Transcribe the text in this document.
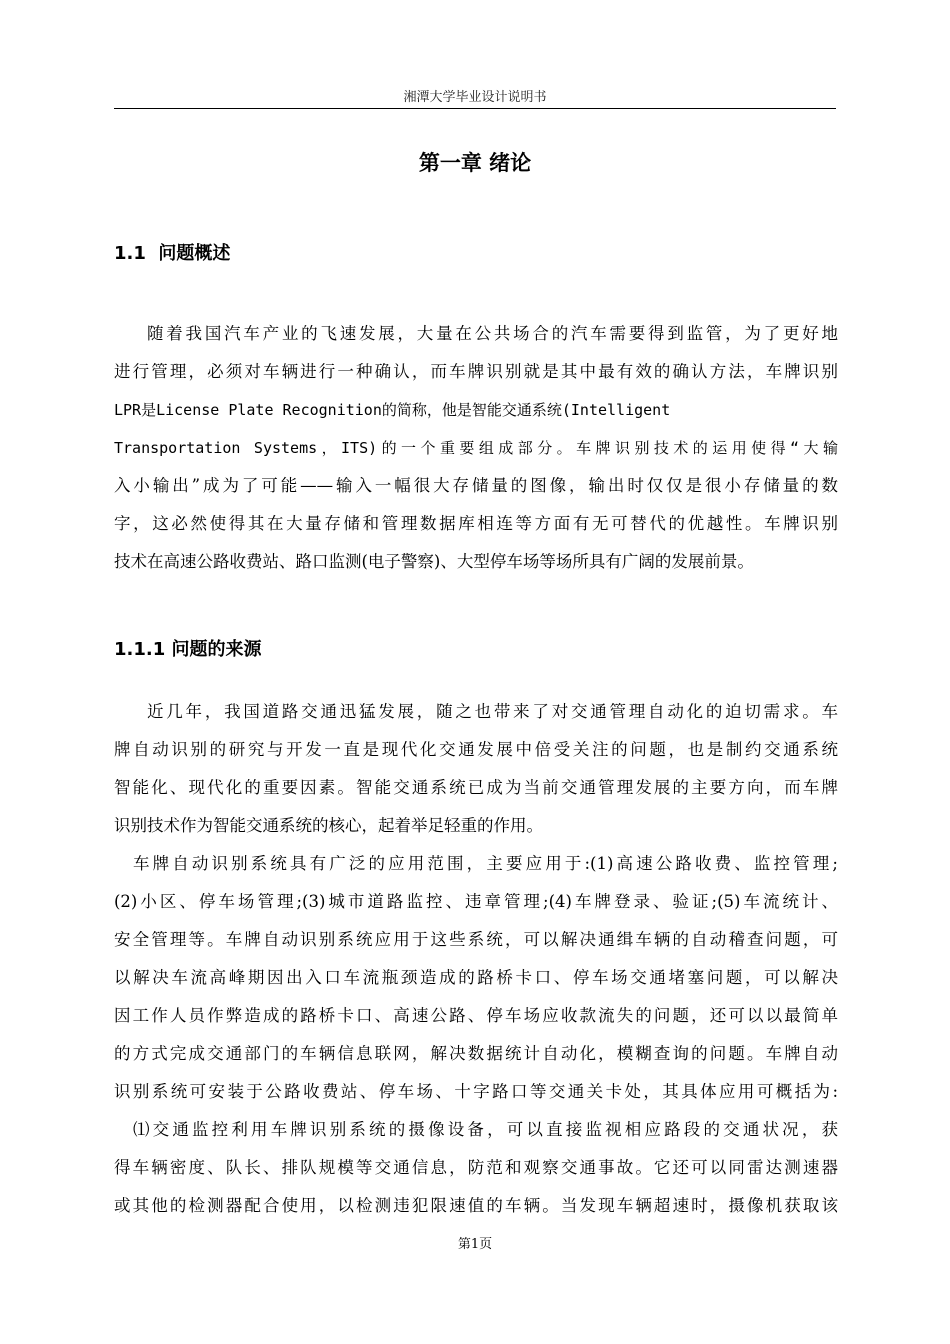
湘潭大学毕业设计说明书
第一章 绪论
1.1  问题概述
随着我国汽车产业的飞速发展，大量在公共场合的汽车需要得到监管，为了更好地
进行管理，必须对车辆进行一种确认，而车牌识别就是其中最有效的确认方法，车牌识别
LPR是License Plate Recognition的简称，他是智能交通系统(Intelligent
Transportation Systems，ITS)的一个重要组成部分。车牌识别技术的运用使得“大输
入小输出”成为了可能——输入一幅很大存储量的图像，输出时仅仅是很小存储量的数
字，这必然使得其在大量存储和管理数据库相连等方面有无可替代的优越性。车牌识别
技术在高速公路收费站、路口监测(电子警察)、大型停车场等场所具有广阔的发展前景。
1.1.1 问题的来源
近几年，我国道路交通迅猛发展，随之也带来了对交通管理自动化的迫切需求。车
牌自动识别的研究与开发一直是现代化交通发展中倍受关注的问题，也是制约交通系统
智能化、现代化的重要因素。智能交通系统已成为当前交通管理发展的主要方向，而车牌
识别技术作为智能交通系统的核心，起着举足轻重的作用。
车牌自动识别系统具有广泛的应用范围，主要应用于:(1)高速公路收费、监控管理;
(2)小区、停车场管理;(3)城市道路监控、违章管理;(4)车牌登录、验证;(5)车流统计、
安全管理等。车牌自动识别系统应用于这些系统，可以解决通缉车辆的自动稽查问题，可
以解决车流高峰期因出入口车流瓶颈造成的路桥卡口、停车场交通堵塞问题，可以解决
因工作人员作弊造成的路桥卡口、高速公路、停车场应收款流失的问题，还可以以最简单
的方式完成交通部门的车辆信息联网，解决数据统计自动化，模糊查询的问题。车牌自动
识别系统可安装于公路收费站、停车场、十字路口等交通关卡处，其具体应用可概括为:
⑴交通监控利用车牌识别系统的摄像设备，可以直接监视相应路段的交通状况，获
得车辆密度、队长、排队规模等交通信息，防范和观察交通事故。它还可以同雷达测速器
或其他的检测器配合使用，以检测违犯限速值的车辆。当发现车辆超速时，摄像机获取该
第1页
